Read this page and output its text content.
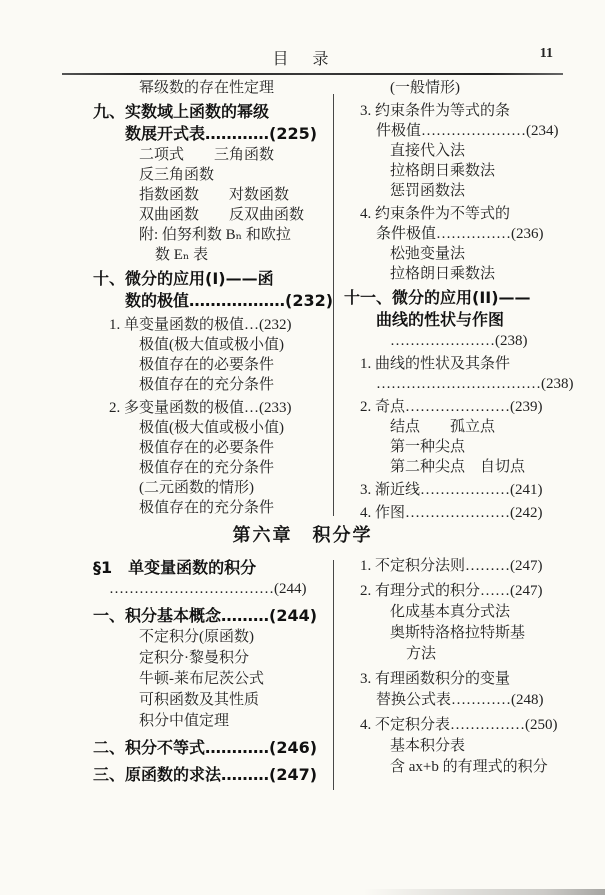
目　录	11
幂级数的存在性定理
九、实数域上函数的幂级
数展开式表…………(225)
二项式　　三角函数
反三角函数
指数函数　　对数函数
双曲函数　　反双曲函数
附: 伯努利数 Bₙ 和欧拉
数 Eₙ 表
十、微分的应用(I)——函
数的极值………………(232)
1. 单变量函数的极值…(232)
极值(极大值或极小值)
极值存在的必要条件
极值存在的充分条件
2. 多变量函数的极值…(233)
极值(极大值或极小值)
极值存在的必要条件
极值存在的充分条件
(二元函数的情形)
极值存在的充分条件
(一般情形)
3. 约束条件为等式的条
件极值…………………(234)
直接代入法
拉格朗日乘数法
惩罚函数法
4. 约束条件为不等式的
条件极值……………(236)
松弛变量法
拉格朗日乘数法
十一、微分的应用(II)——
曲线的性状与作图
…………………(238)
1. 曲线的性状及其条件
……………………………(238)
2. 奇点…………………(239)
结点　　孤立点
第一种尖点
第二种尖点　自切点
3. 渐近线………………(241)
4. 作图…………………(242)
第六章　积分学
§1　单变量函数的积分
……………………………(244)
一、积分基本概念………(244)
不定积分(原函数)
定积分·黎曼积分
牛顿-莱布尼茨公式
可积函数及其性质
积分中值定理
二、积分不等式…………(246)
三、原函数的求法………(247)
1. 不定积分法则………(247)
2. 有理分式的积分……(247)
化成基本真分式法
奥斯特洛格拉特斯基
方法
3. 有理函数积分的变量
替换公式表…………(248)
4. 不定积分表……………(250)
基本积分表
含 ax+b 的有理式的积分
